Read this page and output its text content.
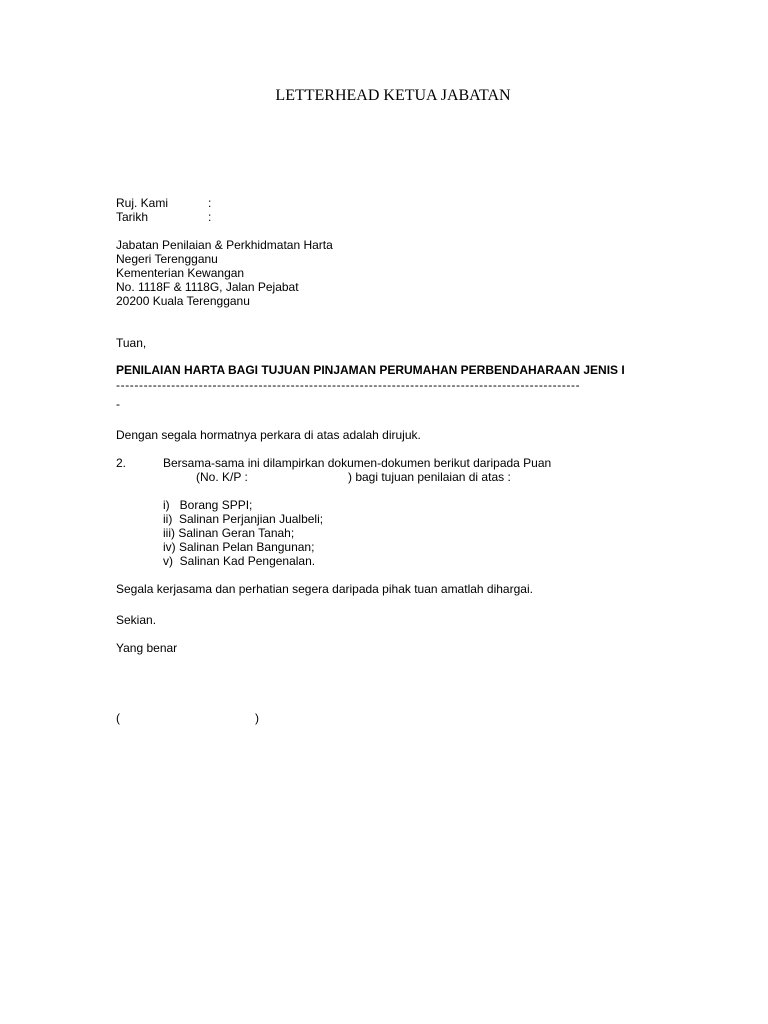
LETTERHEAD KETUA JABATAN
Ruj. Kami	:
Tarikh	:
Jabatan Penilaian & Perkhidmatan Harta
Negeri Terengganu
Kementerian Kewangan
No. 1118F & 1118G, Jalan Pejabat
20200 Kuala Terengganu
Tuan,
PENILAIAN HARTA BAGI TUJUAN PINJAMAN PERUMAHAN PERBENDAHARAAN JENIS I
-----------------------------------------------------------------------------------------------------
-
Dengan segala hormatnya perkara di atas adalah dirujuk.
2.	Bersama-sama ini dilampirkan dokumen-dokumen berikut daripada Puan
(No. K/P :	) bagi tujuan penilaian di atas :
i)   Borang SPPI;
ii)  Salinan Perjanjian Jualbeli;
iii) Salinan Geran Tanah;
iv) Salinan Pelan Bangunan;
v)  Salinan Kad Pengenalan.
Segala kerjasama dan perhatian segera daripada pihak tuan amatlah dihargai.
Sekian.
Yang benar
(	)
